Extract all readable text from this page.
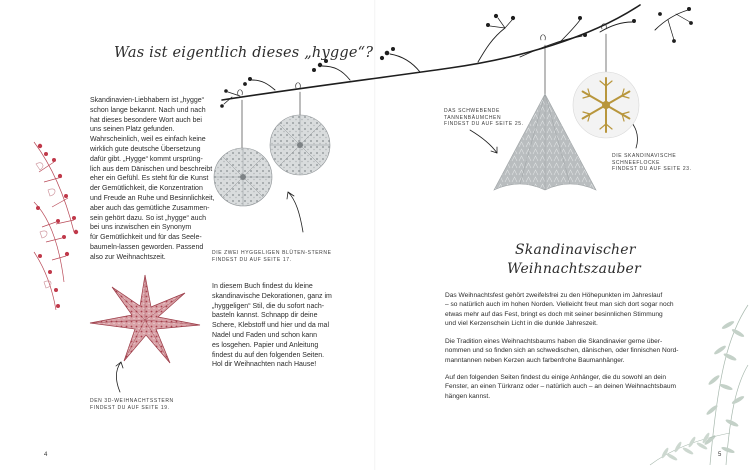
Was ist eigentlich dieses „hygge“?

Skandinavien-Liebhabern ist „hygge“
schon lange bekannt. Nach und nach
hat dieses besondere Wort auch bei
uns seinen Platz gefunden.
Wahrscheinlich, weil es einfach keine
wirklich gute deutsche Übersetzung
dafür gibt. „Hygge“ kommt ursprüng-
lich aus dem Dänischen und beschreibt
eher ein Gefühl. Es steht für die Kunst
der Gemütlichkeit, die Konzentration
und Freude an Ruhe und Besinnlichkeit,
aber auch das gemütliche Zusammen-
sein gehört dazu. So ist „hygge“ auch
bei uns inzwischen ein Synonym
für Gemütlichkeit und für das Seele-
baumeln-lassen geworden. Passend
also zur Weihnachtszeit.

DIE ZWEI HYGGELIGEN BLÜTEN-STERNE
FINDEST DU AUF SEITE 17.

In diesem Buch findest du kleine
skandinavische Dekorationen, ganz im
„hyggeligen“ Stil, die du sofort nach-
basteln kannst. Schnapp dir deine
Schere, Klebstoff und hier und da mal
Nadel und Faden und schon kann
es losgehen. Papier und Anleitung
findest du auf den folgenden Seiten.
Hol dir Weihnachten nach Hause!

DEN 3D-WEIHNACHTSSTERN
FINDEST DU AUF SEITE 19.

4

DAS SCHWEBENDE
TANNENBÄUMCHEN
FINDEST DU AUF SEITE 25.

DIE SKANDINAVISCHE
SCHNEEFLOCKE
FINDEST DU AUF SEITE 23.

Skandinavischer
Weihnachtszauber

Das Weihnachtsfest gehört zweifelsfrei zu den Höhepunkten im Jahreslauf
– so natürlich auch im hohen Norden. Vielleicht freut man sich dort sogar noch
etwas mehr auf das Fest, bringt es doch mit seiner besinnlichen Stimmung
und viel Kerzenschein Licht in die dunkle Jahreszeit.

Die Tradition eines Weihnachtsbaums haben die Skandinavier gerne über-
nommen und so finden sich an schwedischen, dänischen, oder finnischen Nord-
manntannen neben Kerzen auch farbenfrohe Baumanhänger.

Auf den folgenden Seiten findest du einige Anhänger, die du sowohl an dein
Fenster, an einen Türkranz oder – natürlich auch – an deinen Weihnachtsbaum
hängen kannst.

5
